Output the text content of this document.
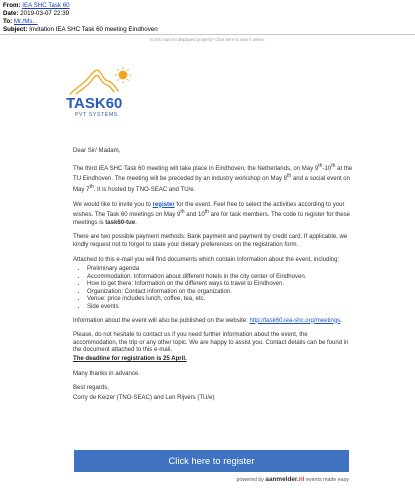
From: IEA SHC Task 60
Date: 2019-03-07 22:39
To: Mr./Ms. .
Subject: Invitation IEA SHC Task 60 meeting Eindhoven
Is this mail not displayed properly? Click here to view it online.
TASK60
PVT SYSTEMS

Dear Sir/ Madam,

The third IEA SHC Task 60 meeting will take place in Eindhoven, the Netherlands, on May 9th-10th at the TU Eindhoven. The meeting will be preceded by an industry workshop on May 8th and a social event on May 7th. It is hosted by TNO-SEAC and TU/e.

We would like to invite you to register for the event. Feel free to select the activities according to your wishes. The Task 60 meetings on May 9th and 10th are for task members. The code to register for these meetings is task60-tue.

There are two possible payment methods: Bank payment and payment by credit card. If applicable, we kindly request not to forget to state your dietary preferences on the registration form.

Attached to this e-mail you will find documents which contain information about the event, including:

• Preliminary agenda
• Accommodation: Information about different hotels in the city center of Eindhoven.
• How to get there: Information on the different ways to travel to Eindhoven.
• Organization: Contact information on the organization.
• Venue: price includes lunch, coffee, tea, etc.
• Side events

Information about the event will also be published on the website: http://task60.iea-shc.org/meetings.

Please, do not hesitate to contact us if you need further information about the event, the accommodation, the trip or any other topic. We are happy to assist you. Contact details can be found in the document attached to this e-mail.

The deadline for registration is 25 April.

Many thanks in advance.

Best regards,

Corry de Keizer (TNO-SEAC) and Len Rijvers (TU/e)

Click here to register
powered by aanmelder.nl events made easy
